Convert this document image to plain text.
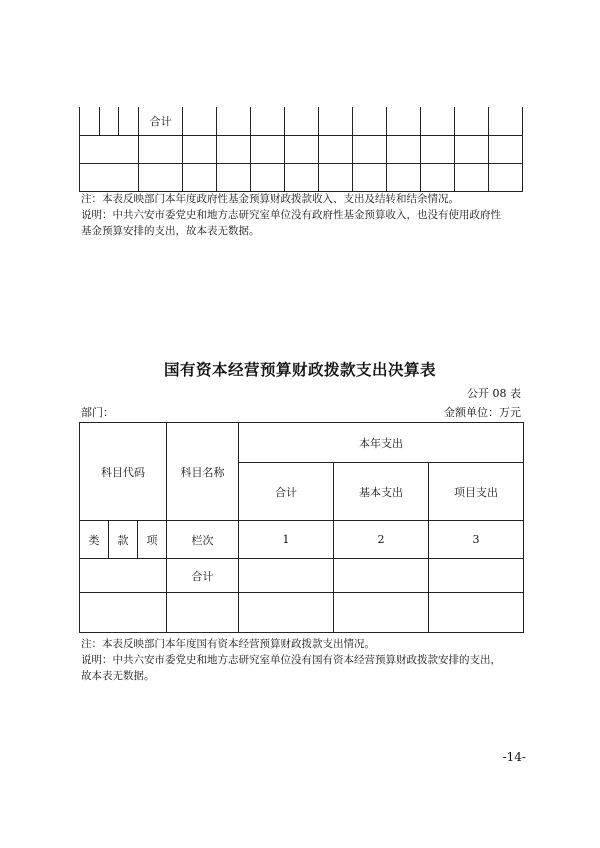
			合计										

注：本表反映部门本年度政府性基金预算财政拨款收入、支出及结转和结余情况。
说明：中共六安市委党史和地方志研究室单位没有政府性基金预算收入，也没有使用政府性
基金预算安排的支出，故本表无数据。
国有资本经营预算财政拨款支出决算表
公开 08 表
部门：	金额单位：万元
科目代码			科目名称	本年支出		
				合计	基本支出	项目支出
类	款	项	栏次	1	2	3
			合计			

注：本表反映部门本年度国有资本经营预算财政拨款支出情况。
说明：中共六安市委党史和地方志研究室单位没有国有资本经营预算财政拨款安排的支出，
故本表无数据。
-14-
